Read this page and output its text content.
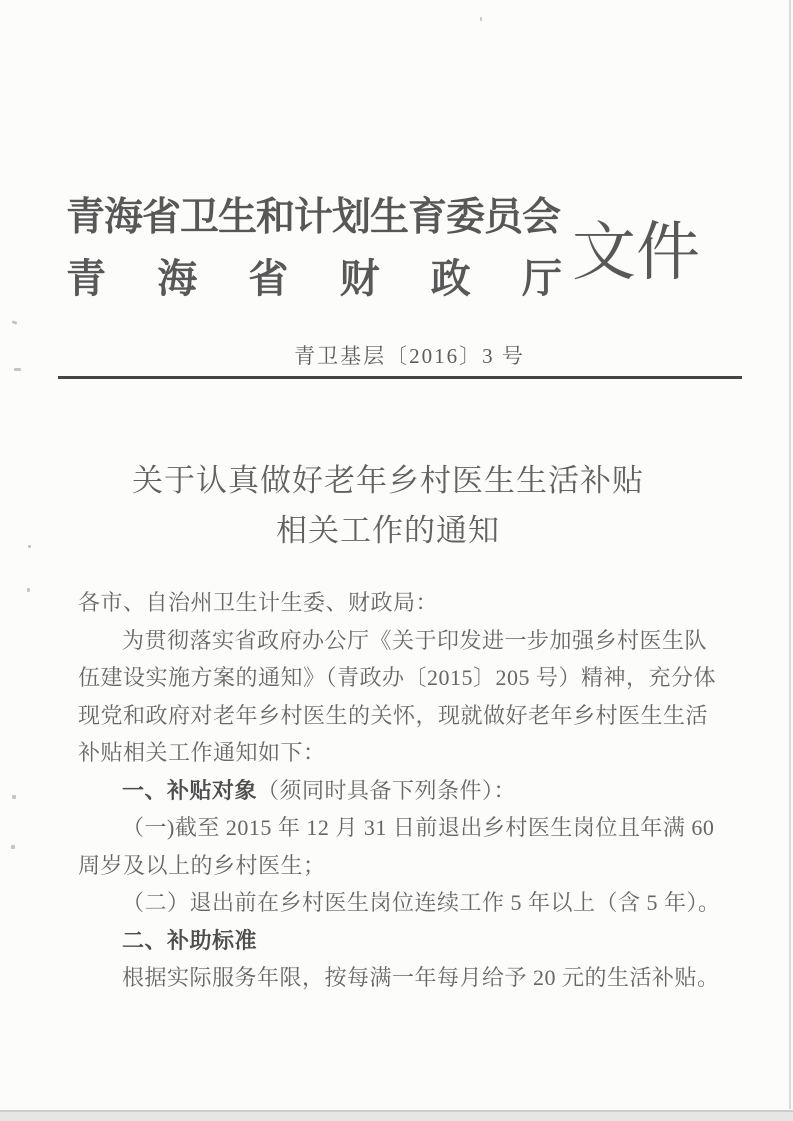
青海省卫生和计划生育委员会
青　海　省　财　政　厅 文件
青卫基层〔2016〕3 号
关于认真做好老年乡村医生生活补贴
相关工作的通知
各市、自治州卫生计生委、财政局：
为贯彻落实省政府办公厅《关于印发进一步加强乡村医生队
伍建设实施方案的通知》（青政办〔2015〕205 号）精神，充分体
现党和政府对老年乡村医生的关怀，现就做好老年乡村医生生活
补贴相关工作通知如下：
一、补贴对象（须同时具备下列条件）：
（一)截至 2015 年 12 月 31 日前退出乡村医生岗位且年满 60
周岁及以上的乡村医生；
（二）退出前在乡村医生岗位连续工作 5 年以上（含 5 年）。
二、补助标准
根据实际服务年限，按每满一年每月给予 20 元的生活补贴。
